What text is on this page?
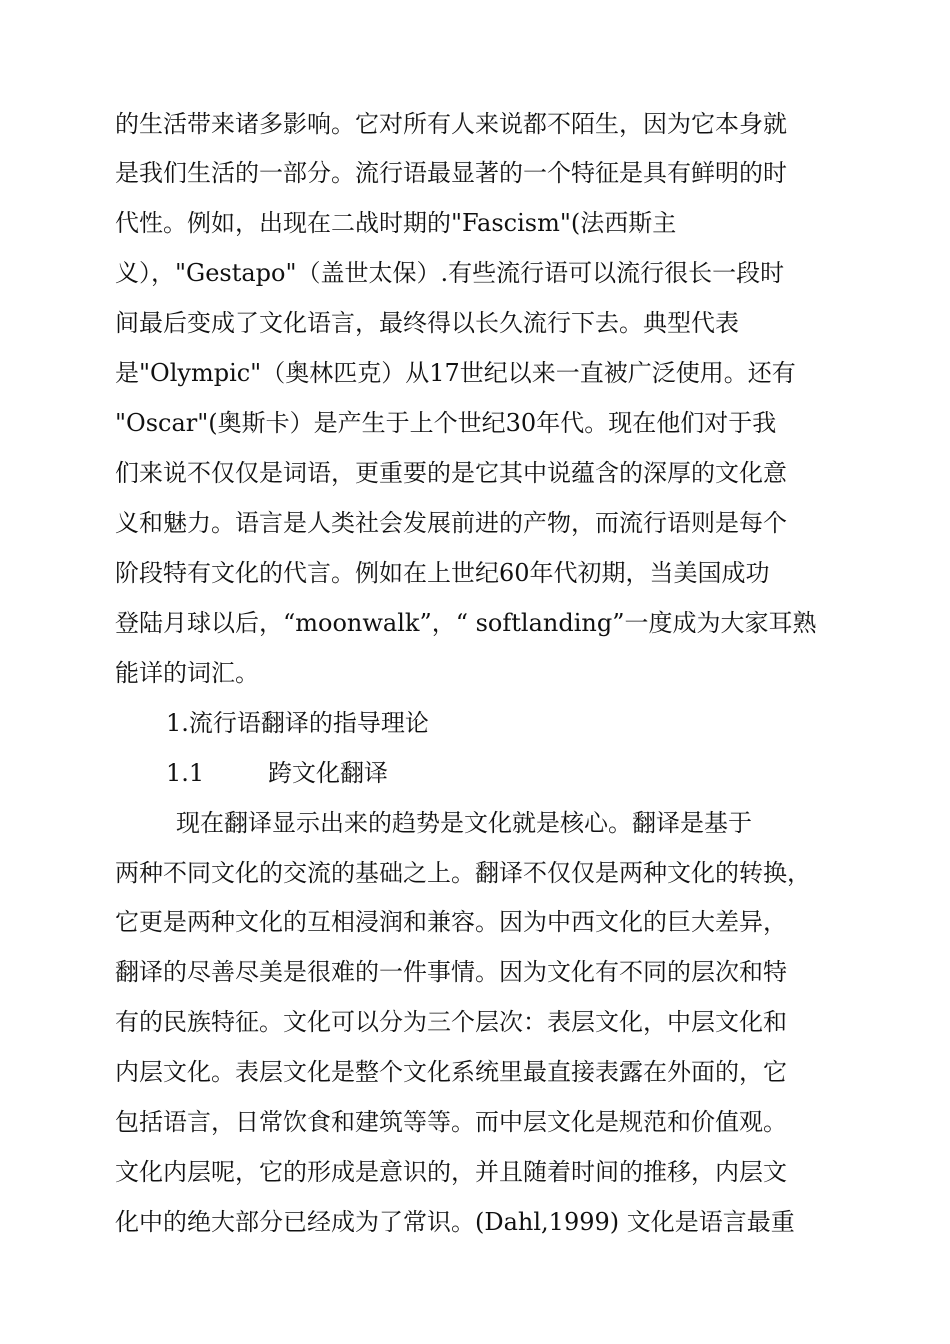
的生活带来诸多影响。它对所有人来说都不陌生，因为它本身就
是我们生活的一部分。流行语最显著的一个特征是具有鲜明的时
代性。例如，出现在二战时期的"Fascism"(法西斯主
义），"Gestapo"（盖世太保）.有些流行语可以流行很长一段时
间最后变成了文化语言，最终得以长久流行下去。典型代表
是"Olympic"（奥林匹克）从17世纪以来一直被广泛使用。还有
"Oscar"(奥斯卡）是产生于上个世纪30年代。现在他们对于我
们来说不仅仅是词语，更重要的是它其中说蕴含的深厚的文化意
义和魅力。语言是人类社会发展前进的产物，而流行语则是每个
阶段特有文化的代言。例如在上世纪60年代初期，当美国成功
登陆月球以后，“moonwalk”，“ softlanding”一度成为大家耳熟
能详的词汇。
1.流行语翻译的指导理论
1.1	跨文化翻译
现在翻译显示出来的趋势是文化就是核心。翻译是基于
两种不同文化的交流的基础之上。翻译不仅仅是两种文化的转换，
它更是两种文化的互相浸润和兼容。因为中西文化的巨大差异，
翻译的尽善尽美是很难的一件事情。因为文化有不同的层次和特
有的民族特征。文化可以分为三个层次：表层文化，中层文化和
内层文化。表层文化是整个文化系统里最直接表露在外面的，它
包括语言，日常饮食和建筑等等。而中层文化是规范和价值观。
文化内层呢，它的形成是意识的，并且随着时间的推移，内层文
化中的绝大部分已经成为了常识。(Dahl,1999) 文化是语言最重
